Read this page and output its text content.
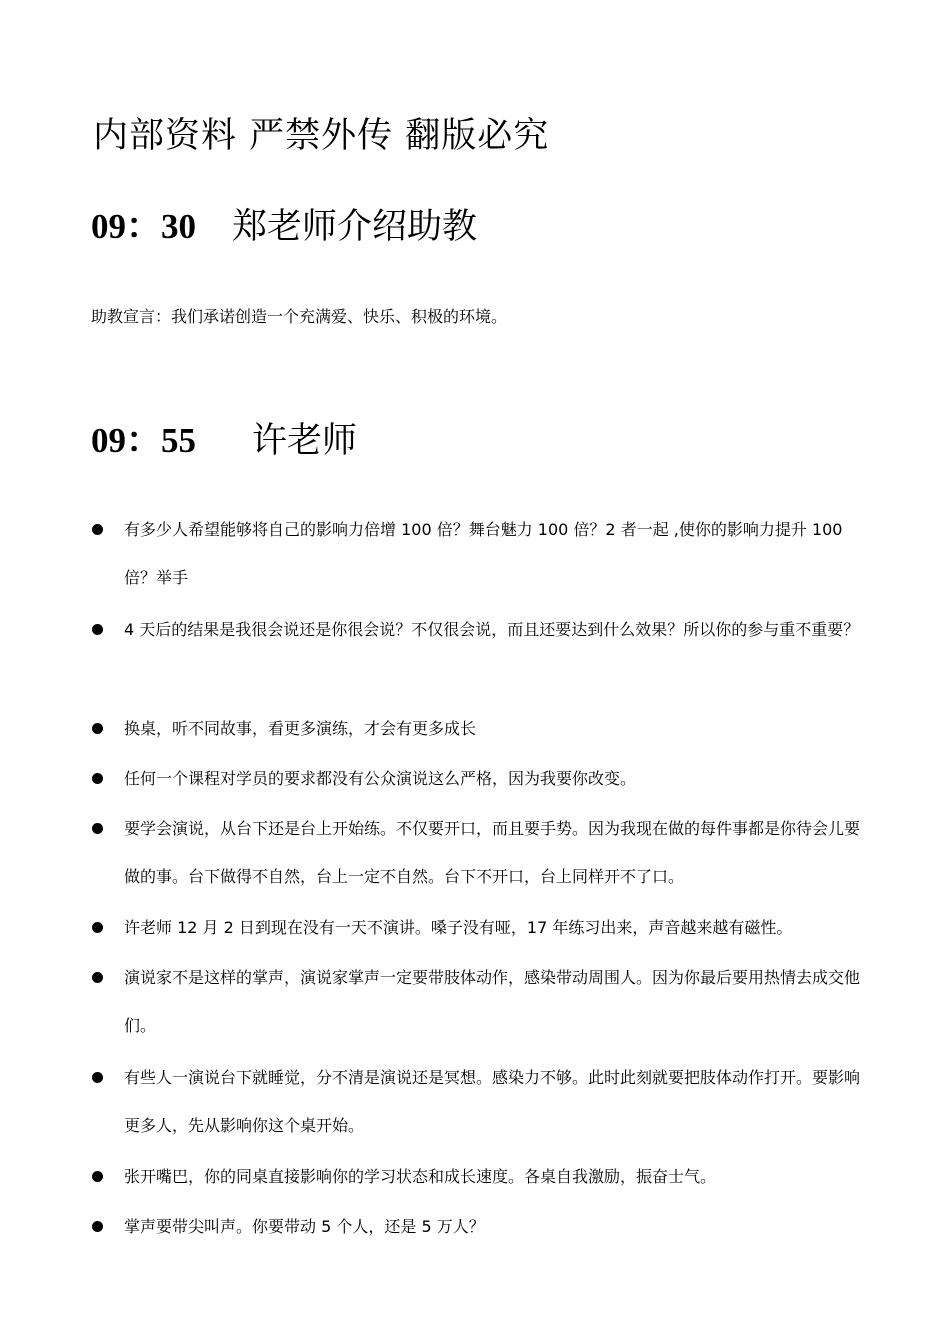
内部资料 严禁外传 翻版必究
09：30 郑老师介绍助教
助教宣言：我们承诺创造一个充满爱、快乐、积极的环境。
09：55 许老师

有多少人希望能够将自己的影响力倍增 100 倍？舞台魅力 100 倍？2 者一起 ,使你的影响力提升 100 倍？举手

4 天后的结果是我很会说还是你很会说？不仅很会说，而且还要达到什么效果？所以你的参与重不重要？

换桌，听不同故事，看更多演练，才会有更多成长

任何一个课程对学员的要求都没有公众演说这么严格，因为我要你改变。

要学会演说，从台下还是台上开始练。不仅要开口，而且要手势。因为我现在做的每件事都是你待会儿要做的事。台下做得不自然，台上一定不自然。台下不开口，台上同样开不了口。

许老师 12 月 2 日到现在没有一天不演讲。嗓子没有哑，17 年练习出来，声音越来越有磁性。

演说家不是这样的掌声，演说家掌声一定要带肢体动作，感染带动周围人。因为你最后要用热情去成交他们。

有些人一演说台下就睡觉，分不清是演说还是冥想。感染力不够。此时此刻就要把肢体动作打开。要影响更多人，先从影响你这个桌开始。

张开嘴巴，你的同桌直接影响你的学习状态和成长速度。各桌自我激励，振奋士气。

掌声要带尖叫声。你要带动 5 个人，还是 5 万人？
